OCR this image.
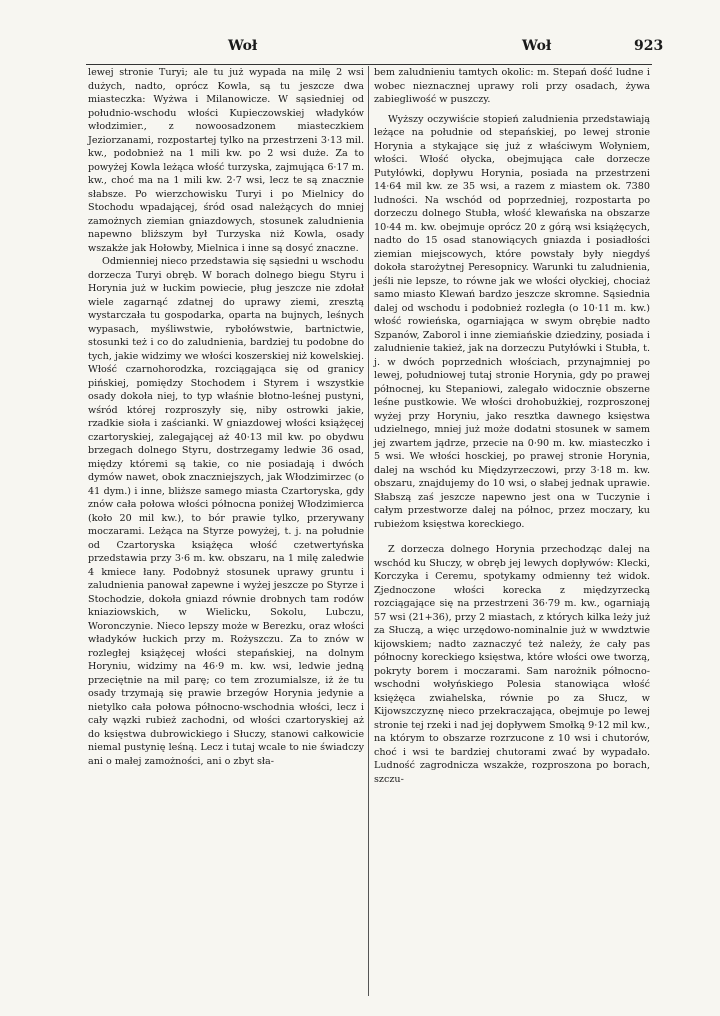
Woł	Woł	923

lewej stronie Turyi; ale tu już wypada na milę 2 wsi dużych, nadto, oprócz Kowla, są tu jeszcze dwa miasteczka: Wyżwa i Milanowicze. W sąsiedniej od południo-wschodu włości Kupieczowskiej władyków włodzimier., z nowoosadzonem miasteczkiem Jeziorzanami, rozpostartej tylko na przestrzeni 3·13 mil. kw., podobnież na 1 mili kw. po 2 wsi duże. Za to powyżej Kowla leżąca włość turzyska, zajmująca 6·17 m. kw., choć ma na 1 mili kw. 2·7 wsi, lecz te są znacznie słabsze. Po wierzchowisku Turyi i po Mielnicy do Stochodu wpadającej, śród osad należących do mniej zamożnych ziemian gniazdowych, stosunek zaludnienia napewno bliższym był Turzyska niż Kowla, osady wszakże jak Hołowby, Mielnica i inne są dosyć znaczne.

Odmienniej nieco przedstawia się sąsiedni u wschodu dorzecza Turyi obręb. W borach dolnego biegu Styru i Horynia już w łuckim powiecie, pług jeszcze nie zdołał wiele zagarnąć zdatnej do uprawy ziemi, zresztą wystarczała tu gospodarka, oparta na bujnych, leśnych wypasach, myśliwstwie, rybołówstwie, bartnictwie, stosunki też i co do zaludnienia, bardziej tu podobne do tych, jakie widzimy we włości koszerskiej niż kowelskiej. Włość czarnohorodzka, rozciągająca się od granicy pińskiej, pomiędzy Stochodem i Styrem i wszystkie osady dokoła niej, to typ właśnie błotno-leśnej pustyni, wśród której rozproszyły się, niby ostrowki jakie, rzadkie sioła i zaścianki. W gniazdowej włości książęcej czartoryskiej, zalegającej aż 40·13 mil kw. po obydwu brzegach dolnego Styru, dostrzegamy ledwie 36 osad, między któremi są takie, co nie posiadają i dwóch dymów nawet, obok znaczniejszych, jak Włodzimirzec (o 41 dym.) i inne, bliższe samego miasta Czartoryska, gdy znów cała połowa włości północna poniżej Włodzimierca (koło 20 mil kw.), to bór prawie tylko, przerywany moczarami. Leżąca na Styrze powyżej, t. j. na południe od Czartoryska książęca włość czetwertyńska przedstawia przy 3·6 m. kw. obszaru, na 1 milę zaledwie 4 kmiece łany. Podobnyż stosunek uprawy gruntu i zaludnienia panował zapewne i wyżej jeszcze po Styrze i Stochodzie, dokoła gniazd równie drobnych tam rodów kniaziowskich, w Wielicku, Sokolu, Lubczu, Woronczynie. Nieco lepszy może w Berezku, oraz włości władyków łuckich przy m. Rożyszczu. Za to znów w rozległej książęcej włości stepańskiej, na dolnym Horyniu, widzimy na 46·9 m. kw. wsi, ledwie jedną przeciętnie na mil parę; co tem zrozumialsze, iż że tu osady trzymają się prawie brzegów Horynia jedynie a nietylko cała połowa północno-wschodnia włości, lecz i cały wązki rubież zachodni, od włości czartoryskiej aż do księstwa dubrowickiego i Słuczy, stanowi całkowicie niemal pustynię leśną. Lecz i tutaj wcale to nie świadczy ani o małej zamożności, ani o zbyt sła-

bem zaludnieniu tamtych okolic: m. Stepań dość ludne i wobec nieznacznej uprawy roli przy osadach, żywa zabiegliwość w puszczy.

Wyższy oczywiście stopień zaludnienia przedstawiają leżące na południe od stepańskiej, po lewej stronie Horynia a stykające się już z właściwym Wołyniem, włości. Włość ołycka, obejmująca całe dorzecze Putyłówki, dopływu Horynia, posiada na przestrzeni 14·64 mil kw. ze 35 wsi, a razem z miastem ok. 7380 ludności. Na wschód od poprzedniej, rozpostarta po dorzeczu dolnego Stubła, włość klewańska na obszarze 10·44 m. kw. obejmuje oprócz 20 z górą wsi książęcych, nadto do 15 osad stanowiących gniazda i posiadłości ziemian miejscowych, które powstały były niegdyś dokoła starożytnej Peresopnicy. Warunki tu zaludnienia, jeśli nie lepsze, to równe jak we włości ołyckiej, chociaż samo miasto Klewań bardzo jeszcze skromne. Sąsiednia dalej od wschodu i podobnież rozległa (o 10·11 m. kw.) włość rowieńska, ogarniająca w swym obrębie nadto Szpanów, Zaborol i inne ziemiańskie dziedziny, posiada i zaludnienie takież, jak na dorzeczu Putyłówki i Stubła, t. j. w dwóch poprzednich włościach, przynajmniej po lewej, południowej tutaj stronie Horynia, gdy po prawej północnej, ku Stepaniowi, zalegało widocznie obszerne leśne pustkowie. We włości drohobużkiej, rozproszonej wyżej przy Horyniu, jako resztka dawnego księstwa udzielnego, mniej już może dodatni stosunek w samem jej zwartem jądrze, przecie na 0·90 m. kw. miasteczko i 5 wsi. We włości hosckiej, po prawej stronie Horynia, dalej na wschód ku Międzyrzeczowi, przy 3·18 m. kw. obszaru, znajdujemy do 10 wsi, o słabej jednak uprawie. Słabszą zaś jeszcze napewno jest ona w Tuczynie i całym przestworze dalej na północ, przez moczary, ku rubieżom księstwa koreckiego.

Z dorzecza dolnego Horynia przechodząc dalej na wschód ku Słuczy, w obręb jej lewych dopływów: Klecki, Korczyka i Ceremu, spotykamy odmienny też widok. Zjednoczone włości korecka z międzyrzecką rozciągające się na przestrzeni 36·79 m. kw., ogarniają 57 wsi (21+36), przy 2 miastach, z których kilka leży już za Słuczą, a więc urzędowo-nominalnie już w wwdztwie kijowskiem; nadto zaznaczyć też należy, że cały pas północny koreckiego księstwa, które włości owe tworzą, pokryty borem i moczarami. Sam narożnik północno-wschodni wołyńskiego Polesia stanowiąca włość księżęca zwiahelska, równie po za Słucz, w Kijowszczyznę nieco przekraczająca, obejmuje po lewej stronie tej rzeki i nad jej dopływem Smołką 9·12 mil kw., na którym to obszarze rozrzucone z 10 wsi i chutorów, choć i wsi te bardziej chutorami zwać by wypadało. Ludność zagrodnicza wszakże, rozproszona po borach, szczu-
